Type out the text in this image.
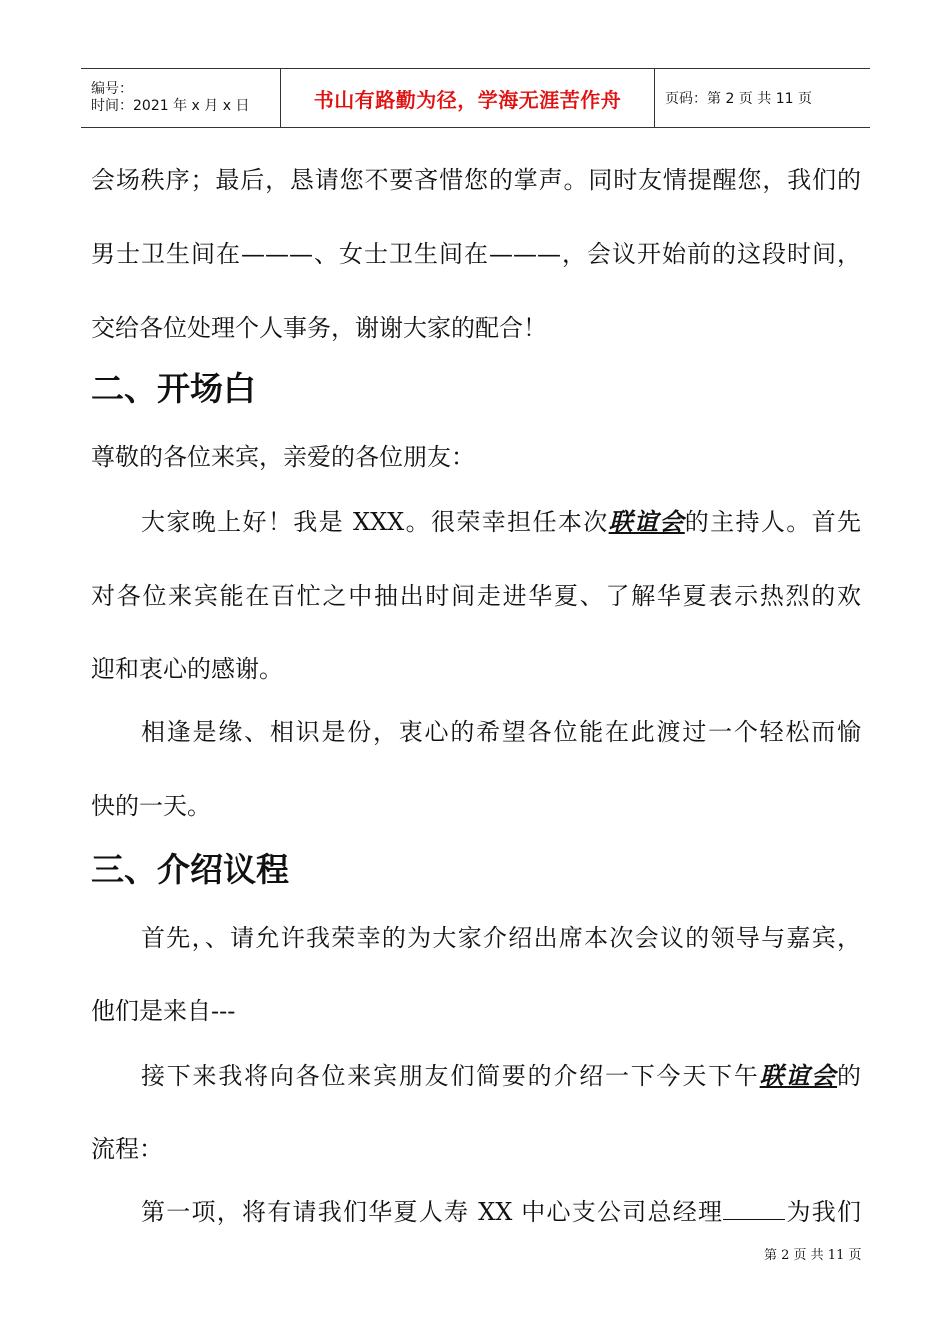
编号：
时间：2021 年 x 月 x 日	书山有路勤为径，学海无涯苦作舟	页码：第 2 页 共 11 页
会场秩序；最后，恳请您不要吝惜您的掌声。同时友情提醒您，我们的
男士卫生间在———、女士卫生间在———，会议开始前的这段时间，
交给各位处理个人事务，谢谢大家的配合！
二、开场白
尊敬的各位来宾，亲爱的各位朋友：
大家晚上好！我是 XXX。很荣幸担任本次联谊会的主持人。首先
对各位来宾能在百忙之中抽出时间走进华夏、了解华夏表示热烈的欢
迎和衷心的感谢。
相逢是缘、相识是份，衷心的希望各位能在此渡过一个轻松而愉
快的一天。
三、介绍议程
首先，、请允许我荣幸的为大家介绍出席本次会议的领导与嘉宾，
他们是来自---
接下来我将向各位来宾朋友们简要的介绍一下今天下午联谊会的
流程：
第一项，将有请我们华夏人寿 XX 中心支公司总经理	为我们
第 2 页 共 11 页
